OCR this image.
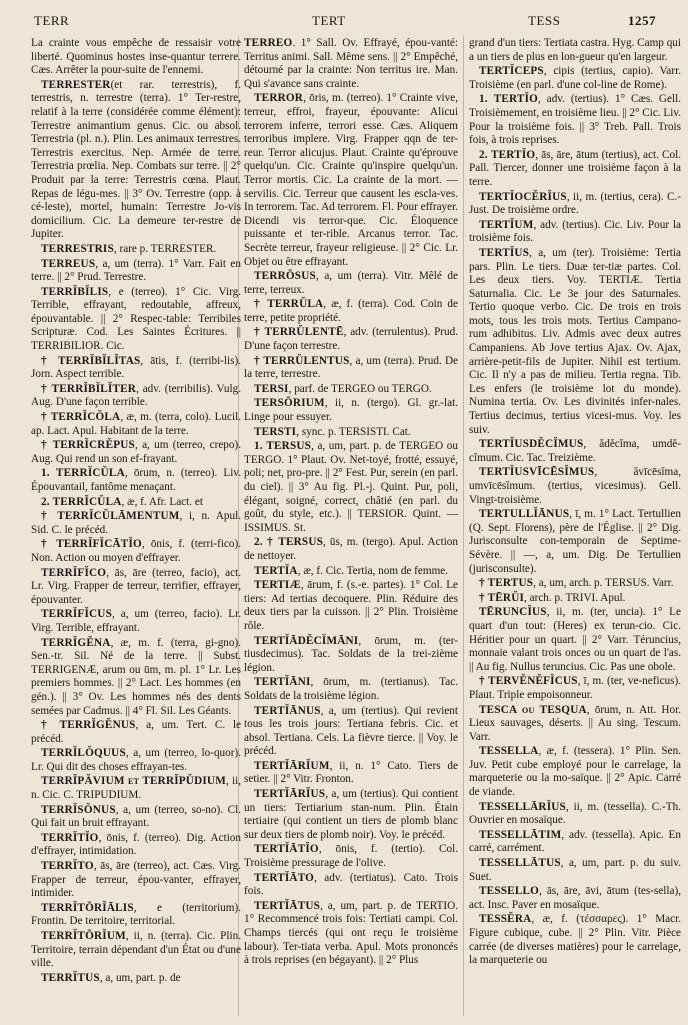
TERR	TERT	TESS	1257

La crainte vous empêche de ressaisir votre liberté. Quominus hostes inse-quantur terrere. Cæs. Arrêter la pour-suite de l'ennemi.

TERRESTER(et rar. terrestris), f. terrestris, n. terrestre (terra). 1° Ter-restre, relatif à la terre (considérée comme élément): Terrestre animantium genus. Cic. ou absol. Terrestria (pl. n.). Plin. Les animaux terrestres. Terrestris exercitus. Nep. Armée de terre. Terrestria prœlia. Nep. Combats sur terre. || 2° Produit par la terre: Terrestris cœna. Plaut. Repas de légu-mes. || 3° Ov. Terrestre (opp. à cé-leste), mortel, humain: Terrestre Jo-vis domicilium. Cic. La demeure ter-restre de Jupiter.

TERRESTRIS, rare p. TERRESTER.

TERREUS, a, um (terra). 1° Varr. Fait en terre. || 2° Prud. Terrestre.

TERRĬBĬLIS, e (terreo). 1° Cic. Virg. Terrible, effrayant, redoutable, affreux, épouvantable. || 2° Respec-table: Terribiles Scripturæ. Cod. Les Saintes Écritures. || TERRIBILIOR. Cic.

† TERRĬBĬLĬTAS, ātis, f. (terribi-lis). Jorn. Aspect terrible.

† TERRĬBĬLĬTER, adv. (terribilis). Vulg. Aug. D'une façon terrible.

† TERRĬCŎLA, æ, m. (terra, colo). Lucil. ap. Lact. Apul. Habitant de la terre.

† TERRĬCRĔPUS, a, um (terreo, crepo). Aug. Qui rend un son ef-frayant.

1. TERRĬCŬLA, ōrum, n. (terreo). Liv. Épouvantail, fantôme menaçant.

2. TERRĬCŬLA, æ, f. Afr. Lact. et

† TERRĬCŬLĀMENTUM, i, n. Apul. Sid. C. le précéd.

† TERRĬFĬCĀTĬO, ōnis, f. (terri-fico). Non. Action ou moyen d'effrayer.

TERRĬFĬCO, ās, āre (terreo, facio), act. Lr. Virg. Frapper de terreur, terrifier, effrayer, épouvanter.

TERRĬFĬCUS, a, um (terreo, facio). Lr. Virg. Terrible, effrayant.

TERRĬGĔNA, æ, m. f. (terra, gi-gno). Sen.-tr. Sil. Né de la terre. || Subst. TERRIGENÆ, arum ou ūm, m. pl. 1° Lr. Les premiers hommes. || 2° Lact. Les hommes (en gén.). || 3° Ov. Les hommes nés des dents semées par Cadmus. || 4° Fl. Sil. Les Géants.

† TERRĬGĔNUS, a, um. Tert. C. le précéd.

TERRĬLŎQUUS, a, um (terreo, lo-quor). Lr. Qui dit des choses effrayan-tes.

TERRĬPĂVIUM et TERRĬPŬDIUM, ii, n. Cic. C. TRIPUDIUM.

TERRĬSŎNUS, a, um (terreo, so-no). Cl. Qui fait un bruit effrayant.

TERRĬTĬO, ōnis, f. (terreo). Dig. Action d'effrayer, intimidation.

TERRĬTO, ās, āre (terreo), act. Cæs. Virg. Frapper de terreur, épou-vanter, effrayer, intimider.

TERRĬTŌRĬĀLIS, e (territorium). Frontin. De territoire, territorial.

TERRĬTŌRĬUM, ii, n. (terra). Cic. Plin. Territoire, terrain dépendant d'un État ou d'une ville.

TERRĬTUS, a, um, part. p. de

TERREO. 1° Sall. Ov. Effrayé, épou-vanté: Territus animi. Sall. Même sens. || 2° Empêché, détourné par la crainte: Non territus ire. Man. Qui s'avance sans crainte.

TERROR, ōris, m. (terreo). 1° Crainte vive, terreur, effroi, frayeur, épouvante: Alicui terrorem inferre, terrori esse. Cæs. Aliquem terroribus implere. Virg. Frapper qqn de ter-reur. Terror alicujus. Plaut. Crainte qu'éprouve quelqu'un. Cic. Crainte qu'inspire quelqu'un. Terror mortis. Cic. La crainte de la mort. — servilis. Cic. Terreur que causent les escla-ves. In terrorem. Tac. Ad terrorem. Fl. Pour effrayer. Dicendi vis terror-que. Cic. Éloquence puissante et ter-rible. Arcanus terror. Tac. Secrète terreur, frayeur religieuse. || 2° Cic. Lr. Objet ou être effrayant.

TERRŌSUS, a, um (terra). Vitr. Mêlé de terre, terreux.

† TERRŬLA, æ, f. (terra). Cod. Coin de terre, petite propriété.

† TERRŬLENTĒ, adv. (terrulentus). Prud. D'une façon terrestre.

† TERRŬLENTUS, a, um (terra). Prud. De la terre, terrestre.

TERSI, parf. de TERGEO ou TERGO.

TERSŌRIUM, ii, n. (tergo). Gl. gr.-lat. Linge pour essuyer.

TERSTI, sync. p. TERSISTI. Cat.

1. TERSUS, a, um, part. p. de TERGEO ou TERGO. 1° Plaut. Ov. Net-toyé, frotté, essuyé, poli; net, pro-pre. || 2° Fest. Pur, serein (en parl. du ciel). || 3° Au fig. Pl.-j. Quint. Pur, poli, élégant, soigné, correct, châtié (en parl. du goût, du style, etc.). || TERSIOR. Quint. — ISSIMUS. St.

2. † TERSUS, ūs, m. (tergo). Apul. Action de nettoyer.

TERTĬA, æ, f. Cic. Tertia, nom de femme.

TERTIÆ, ārum, f. (s.-e. partes). 1° Col. Le tiers: Ad tertias decoquere. Plin. Réduire des deux tiers par la cuisson. || 2° Plin. Troisième rôle.

TERTĬĀDĔCĬMĀNI, ōrum, m. (ter-tiusdecimus). Tac. Soldats de la trei-zième légion.

TERTĬĀNI, ōrum, m. (tertianus). Tac. Soldats de la troisième légion.

TERTĬĀNUS, a, um (tertius). Qui revient tous les trois jours: Tertiana febris. Cic. et absol. Tertiana. Cels. La fièvre tierce. || Voy. le précéd.

TERTĬĀRĬUM, ii, n. 1° Cato. Tiers de setier. || 2° Vitr. Fronton.

TERTĬĀRĬUS, a, um (tertius). Qui contient un tiers: Tertiarium stan-num. Plin. Étain tertiaire (qui contient un tiers de plomb blanc sur deux tiers de plomb noir). Voy. le précéd.

TERTĬĀTĬO, ōnis, f. (tertio). Col. Troisième pressurage de l'olive.

TERTĬĀTO, adv. (tertiatus). Cato. Trois fois.

TERTĬĀTUS, a, um, part. p. de TERTIO. 1° Recommencé trois fois: Tertiati campi. Col. Champs tiercés (qui ont reçu le troisième labour). Ter-tiata verba. Apul. Mots prononcés à trois reprises (en bégayant). || 2° Plus

grand d'un tiers: Tertiata castra. Hyg. Camp qui a un tiers de plus en lon-gueur qu'en largeur.

TERTĬCEPS, cipis (tertius, capio). Varr. Troisième (en parl. d'une col-line de Rome).

1. TERTĬO, adv. (tertius). 1° Cæs. Gell. Troisièmement, en troisième lieu. || 2° Cic. Liv. Pour la troisième fois. || 3° Treb. Pall. Trois fois, à trois reprises.

2. TERTĬO, ās, āre, ātum (tertius), act. Col. Pall. Tiercer, donner une troisième façon à la terre.

TERTĬOCĔRĬUS, ii, m. (tertius, cera). C.-Just. De troisième ordre.

TERTĬUM, adv. (tertius). Cic. Liv. Pour la troisième fois.

TERTĬUS, a, um (ter). Troisième: Tertia pars. Plin. Le tiers. Duæ ter-tiæ partes. Col. Les deux tiers. Voy. TERTIÆ. Tertia Saturnalia. Cic. Le 3e jour des Saturnales. Tertio quoque verbo. Cic. De trois en trois mots, tous les trois mots. Tertius Campano-rum adhibitus. Liv. Admis avec deux autres Campaniens. Ab Jove tertius Ajax. Ov. Ajax, arrière-petit-fils de Jupiter. Nihil est tertium. Cic. Il n'y a pas de milieu. Tertia regna. Tib. Les enfers (le troisième lot du monde). Numina tertia. Ov. Les divinités infer-nales. Tertius decimus, tertius vicesi-mus. Voy. les suiv.

TERTĬUSDĔCĬMUS, ădĕcĭma, umdĕ-cĭmum. Cic. Tac. Treizième.

TERTĬUSVĪCĒSĬMUS, ăvīcēsĭma, umvīcēsĭmum. (tertius, vicesimus). Gell. Vingt-troisième.

TERTULLĬĀNUS, ī, m. 1° Lact. Tertullien (Q. Sept. Florens), père de l'Église. || 2° Dig. Jurisconsulte con-temporain de Septime-Sévère. || —, a, um. Dig. De Tertullien (jurisconsulte).

† TERTUS, a, um, arch. p. TERSUS. Varr.

† TĒRŬI, arch. p. TRIVI. Apul.

TĒRUNCĬUS, ii, m. (ter, uncia). 1° Le quart d'un tout: (Heres) ex terun-cio. Cic. Héritier pour un quart. || 2° Varr. Téruncius, monnaie valant trois onces ou un quart de l'as. || Au fig. Nullus teruncius. Cic. Pas une obole.

† TERVĔNĔFĬCUS, ī, m. (ter, ve-neficus). Plaut. Triple empoisonneur.

TESCA ou TESQUA, ōrum, n. Att. Hor. Lieux sauvages, déserts. || Au sing. Tescum. Varr.

TESSELLA, æ, f. (tessera). 1° Plin. Sen. Juv. Petit cube employé pour le carrelage, la marqueterie ou la mo-saïque. || 2° Apic. Carré de viande.

TESSELLĀRĬUS, ii, m. (tessella). C.-Th. Ouvrier en mosaïque.

TESSELLĀTIM, adv. (tessella). Apic. En carré, carrément.

TESSELLĀTUS, a, um, part. p. du suiv. Suet.

TESSELLO, ās, āre, āvi, ātum (tes-sella), act. Insc. Paver en mosaïque.

TESSĔRA, æ, f. (τέσσαρες). 1° Macr. Figure cubique, cube. || 2° Plin. Vitr. Pièce carrée (de diverses matières) pour le carrelage, la marqueterie ou
